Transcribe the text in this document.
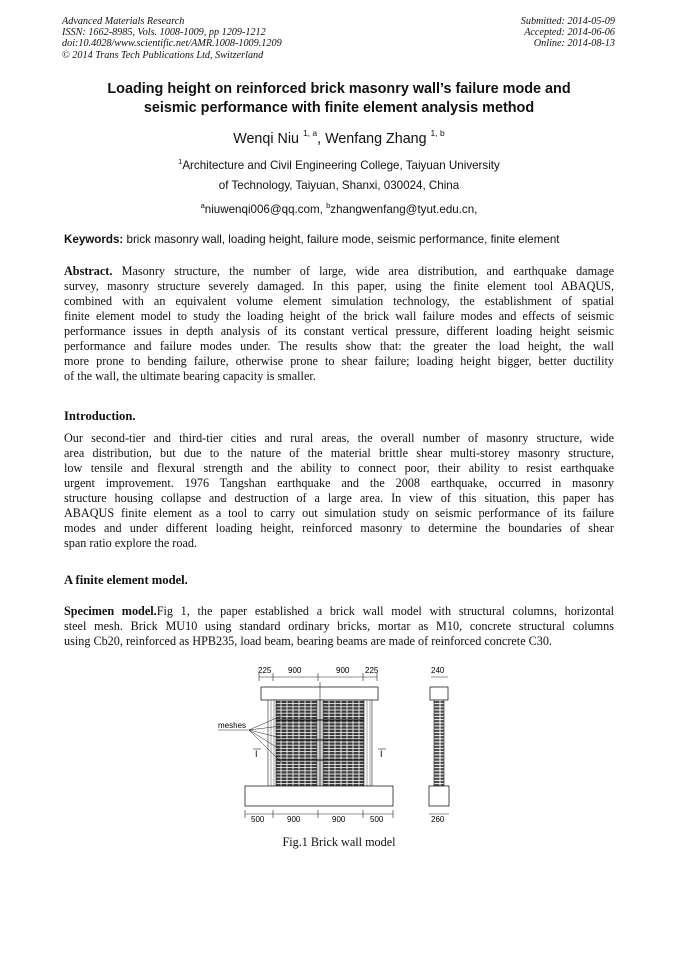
Advanced Materials Research
ISSN: 1662-8985, Vols. 1008-1009, pp 1209-1212
doi:10.4028/www.scientific.net/AMR.1008-1009.1209
© 2014 Trans Tech Publications Ltd, Switzerland
Submitted: 2014-05-09
Accepted: 2014-06-06
Online: 2014-08-13
Loading height on reinforced brick masonry wall’s failure mode and
seismic performance with finite element analysis method
Wenqi Niu $^{1, a}$, Wenfang Zhang $^{1, b}$
$^1$Architecture and Civil Engineering College, Taiyuan University
of Technology, Taiyuan, Shanxi, 030024, China
$^a$niuwenqi006@qq.com, $^b$zhangwenfang@tyut.edu.cn,
Keywords: brick masonry wall, loading height, failure mode, seismic performance, finite element
Abstract. Masonry structure, the number of large, wide area distribution, and earthquake damage
survey, masonry structure severely damaged. In this paper, using the finite element tool ABAQUS,
combined with an equivalent volume element simulation technology, the establishment of spatial
finite element model to study the loading height of the brick wall failure modes and effects of seismic
performance issues in depth analysis of its constant vertical pressure, different loading height seismic
performance and failure modes under. The results show that: the greater the load height, the wall
more prone to bending failure, otherwise prone to shear failure; loading height bigger, better ductility
of the wall, the ultimate bearing capacity is smaller.
Introduction.
Our second-tier and third-tier cities and rural areas, the overall number of masonry structure, wide
area distribution, but due to the nature of the material brittle shear multi-storey masonry structure,
low tensile and flexural strength and the ability to connect poor, their ability to resist earthquake
urgent improvement. 1976 Tangshan earthquake and the 2008 earthquake, occurred in masonry
structure housing collapse and destruction of a large area. In view of this situation, this paper has
ABAQUS finite element as a tool to carry out simulation study on seismic performance of its failure
modes and under different loading height, reinforced masonry to determine the boundaries of shear
span ratio explore the road.
A finite element model.
Specimen model.Fig 1, the paper established a brick wall model with structural columns, horizontal
steel mesh. Brick MU10 using standard ordinary bricks, mortar as M10, concrete structural columns
using Cb20, reinforced as HPB235, load beam, bearing beams are made of reinforced concrete C30.
225 900	900 225
meshes
I	I
500	900	900	500
240
260
Fig.1 Brick wall model
